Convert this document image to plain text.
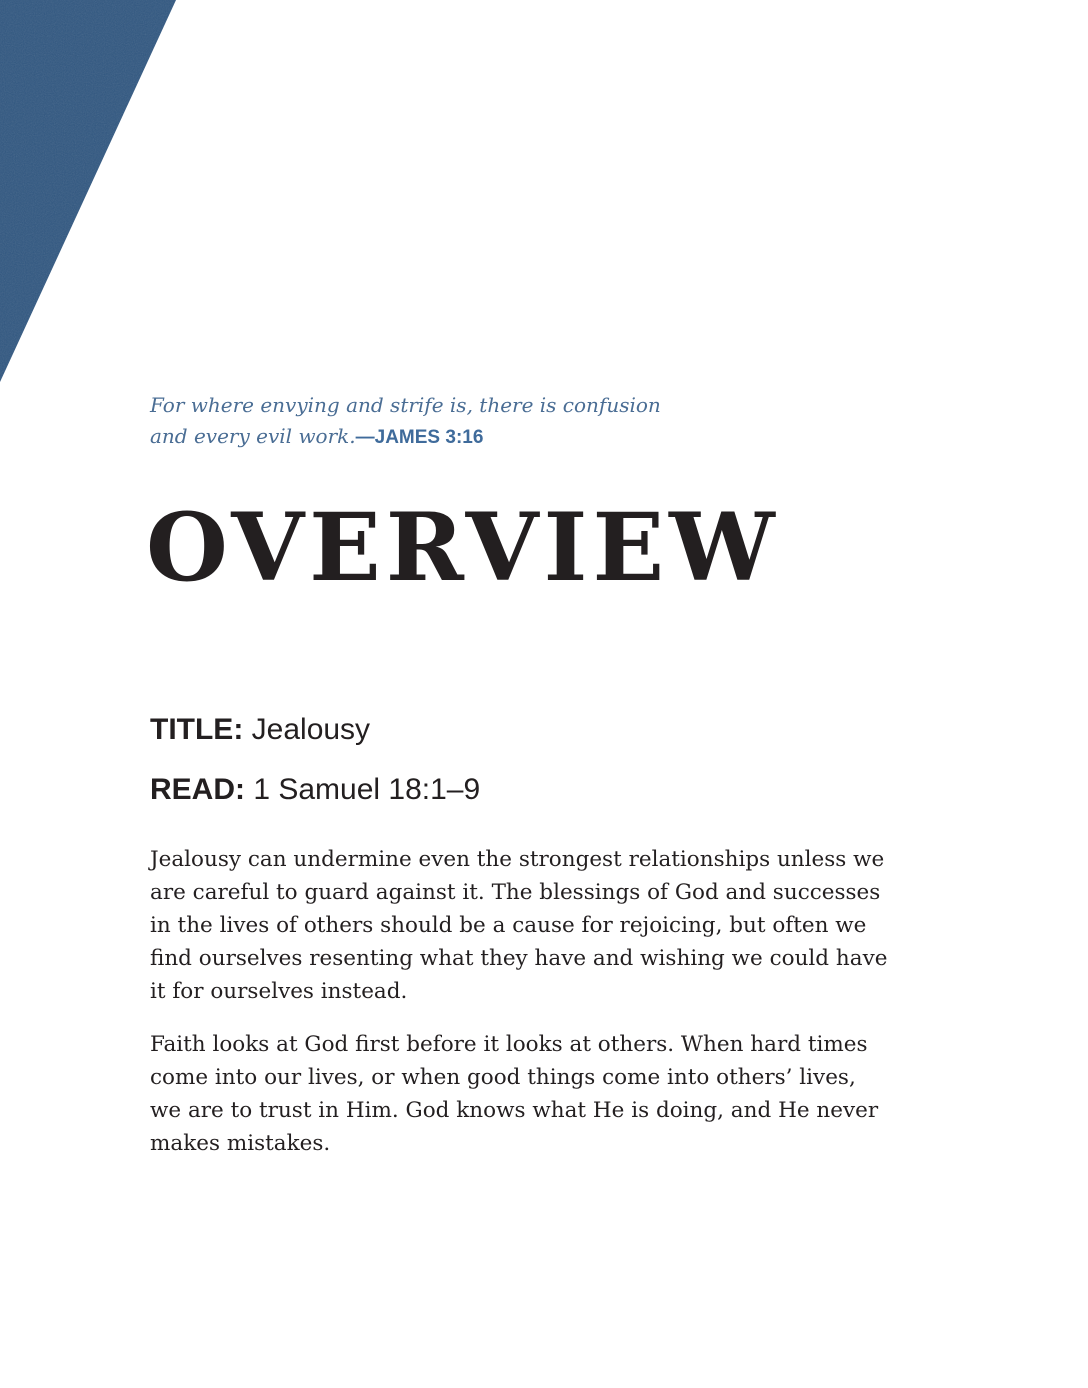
For where envying and strife is, there is confusion
and every evil work.—JAMES 3:16

OVERVIEW

TITLE: Jealousy

READ: 1 Samuel 18:1–9

Jealousy can undermine even the strongest relationships unless we are careful to guard against it. The blessings of God and successes in the lives of others should be a cause for rejoicing, but often we find ourselves resenting what they have and wishing we could have it for ourselves instead.

Faith looks at God first before it looks at others. When hard times come into our lives, or when good things come into others’ lives, we are to trust in Him. God knows what He is doing, and He never makes mistakes.
